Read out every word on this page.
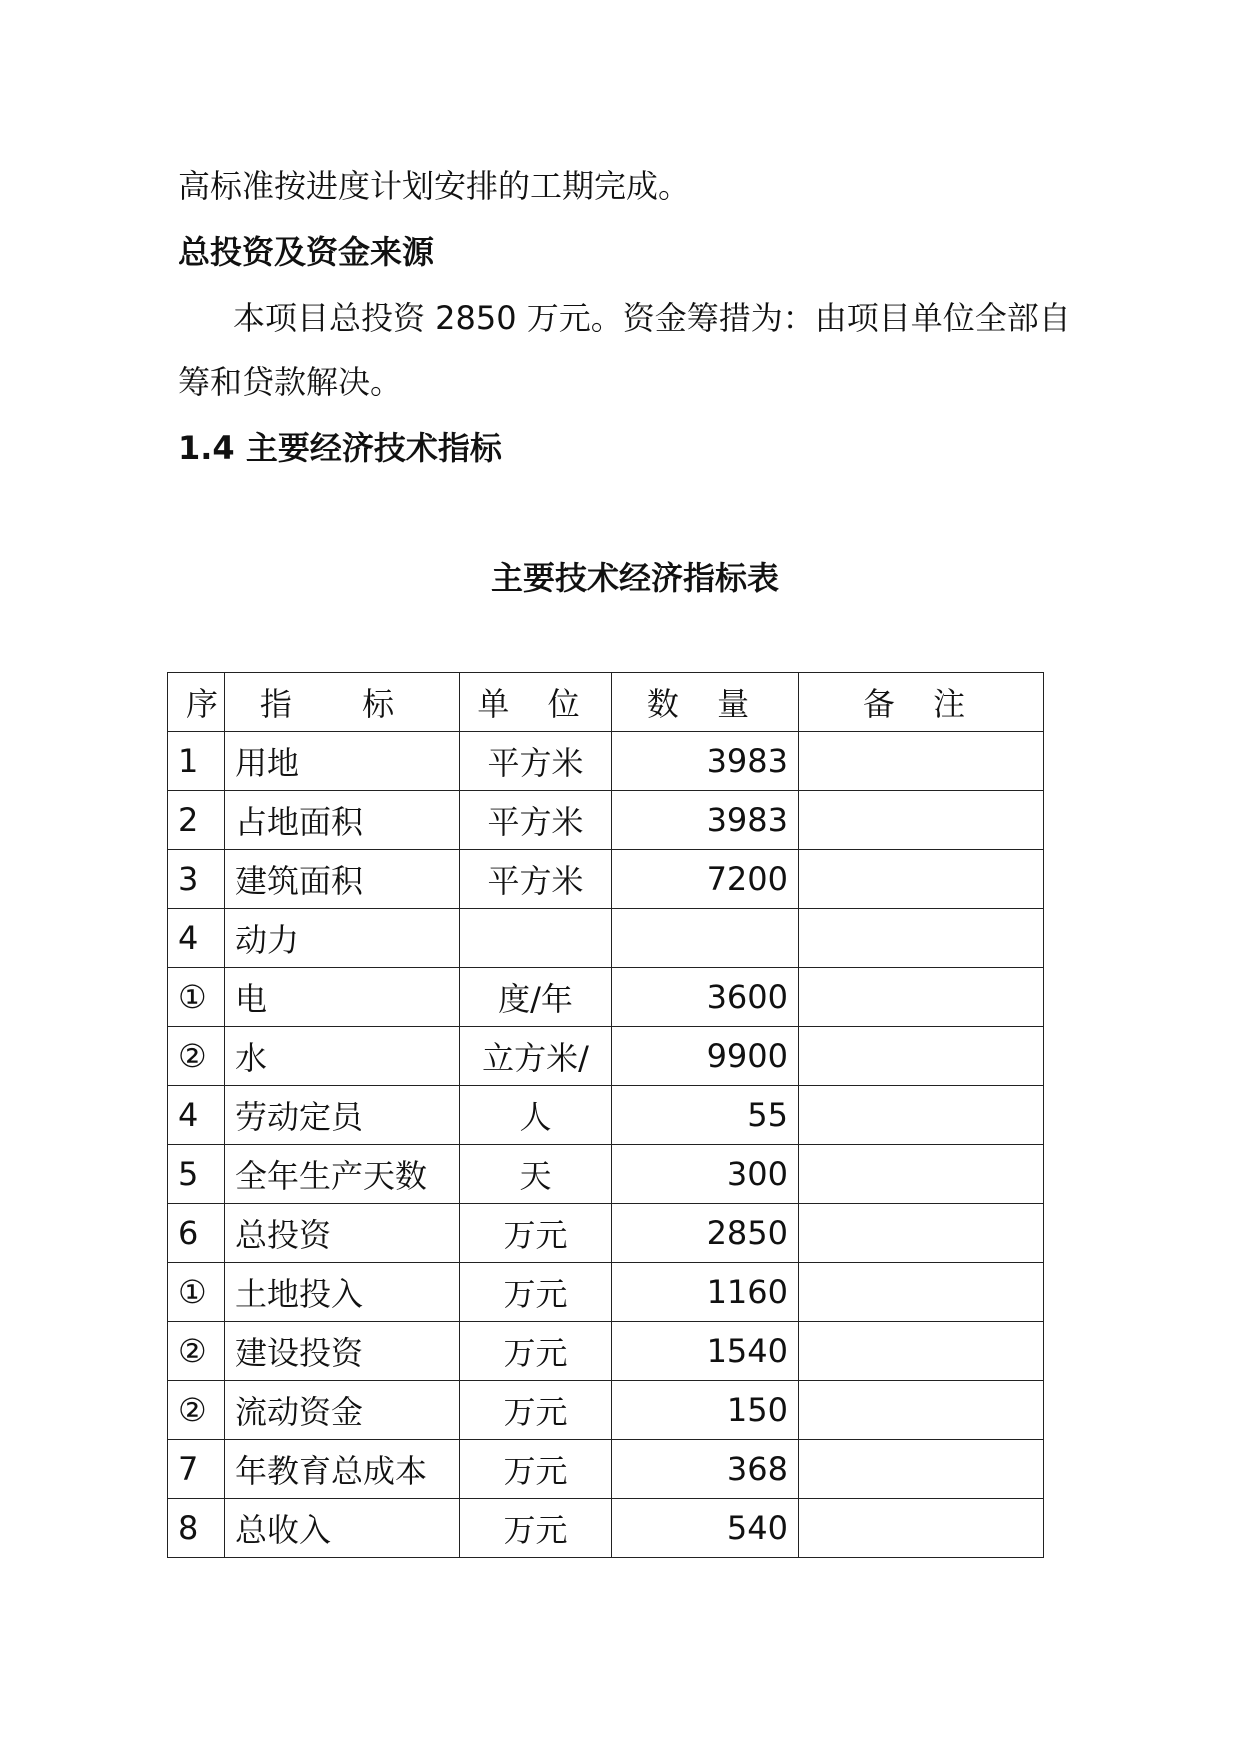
高标准按进度计划安排的工期完成。

总投资及资金来源

本项目总投资 2850 万元。资金筹措为：由项目单位全部自

筹和贷款解决。

1.4 主要经济技术指标

主要技术经济指标表

序	指 标	单 位	数 量	备 注
1	用地	平方米	3983	
2	占地面积	平方米	3983	
3	建筑面积	平方米	7200	
4	动力			
①	电	度/年	3600	
②	水	立方米/	9900	
4	劳动定员	人	55	
5	全年生产天数	天	300	
6	总投资	万元	2850	
①	土地投入	万元	1160	
②	建设投资	万元	1540	
②	流动资金	万元	150	
7	年教育总成本	万元	368	
8	总收入	万元	540	
